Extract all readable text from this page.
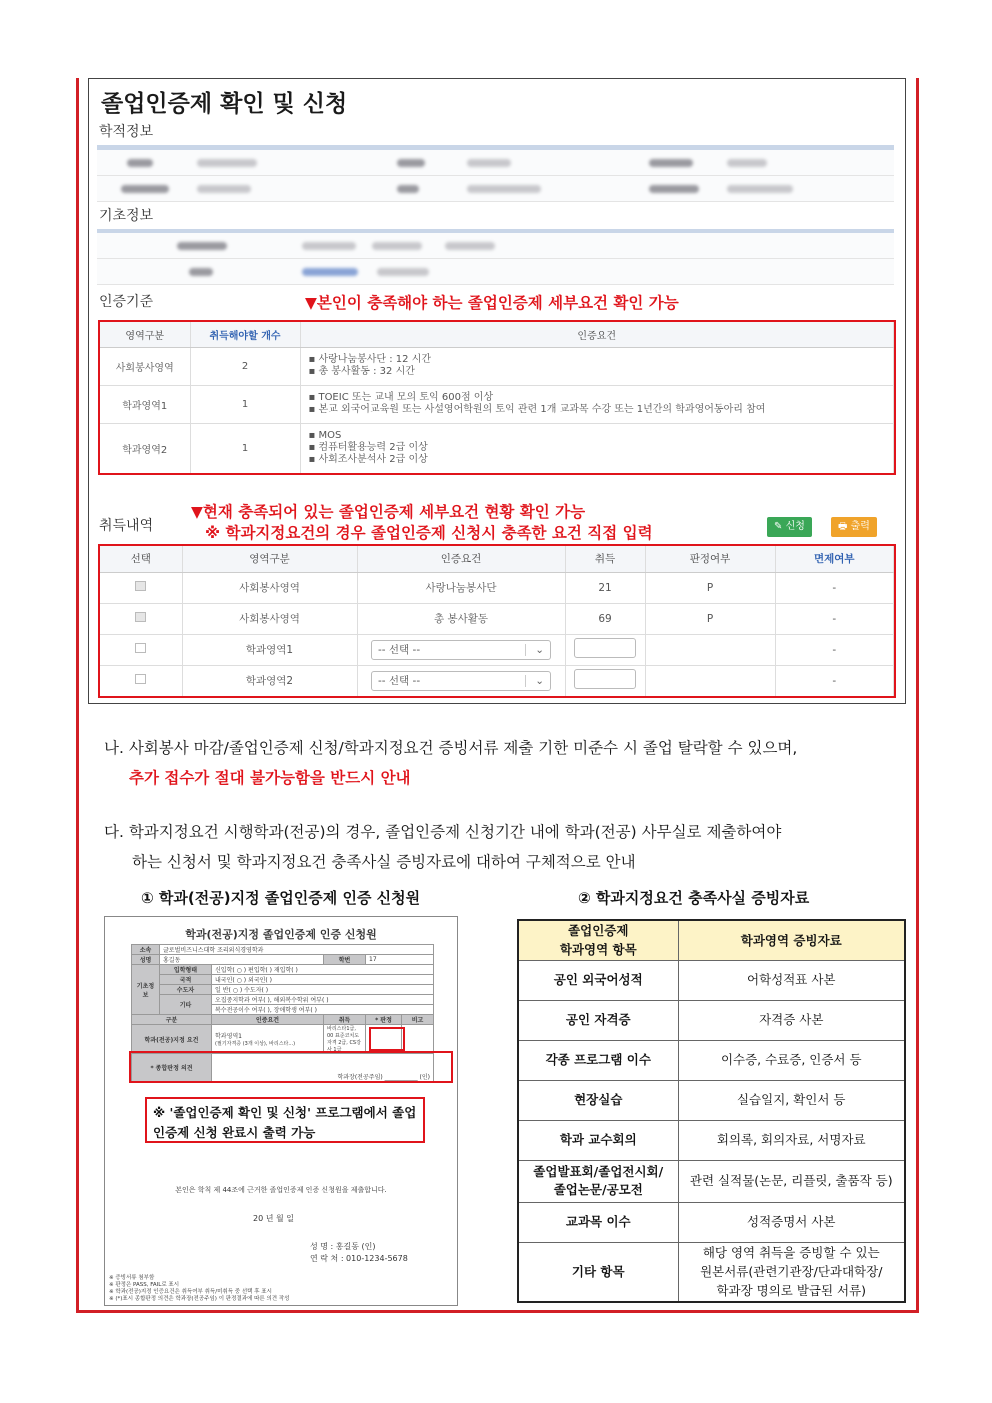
졸업인증제 확인 및 신청
학적정보
기초정보
인증기준	▼본인이 충족해야 하는 졸업인증제 세부요건 확인 가능
영역구분	취득해야할 개수	인증요건
사회봉사영역	2	▪ 사랑나눔봉사단 : 12 시간
▪ 총 봉사활동 : 32 시간

학과영역1	1	▪ TOEIC 또는 교내 모의 토익 600점 이상
▪ 본교 외국어교육원 또는 사설영어학원의 토익 관련 1개 교과목 수강 또는 1년간의 학과영어동아리 참여

학과영역2	1	▪ MOS
▪ 컴퓨터활용능력 2급 이상
▪ 사회조사분석사 2급 이상
취득내역
▼현재 충족되어 있는 졸업인증제 세부요건 현황 확인 가능
※ 학과지정요건의 경우 졸업인증제 신청시 충족한 요건 직접 입력	✎ 신청	🖶 출력
선택	영역구분	인증요건	취득	판정여부	면제여부
	사회봉사영역	사랑나눔봉사단	21	P	-
	사회봉사영역	총 봉사활동	69	P	-
	학과영역1	-- 선택 -- ⌄			-
	학과영역2	-- 선택 -- ⌄			-
나. 사회봉사 마감/졸업인증제 신청/학과지정요건 증빙서류 제출 기한 미준수 시 졸업 탈락할 수 있으며,
추가 접수가 절대 불가능함을 반드시 안내
다. 학과지정요건 시행학과(전공)의 경우, 졸업인증제 신청기간 내에 학과(전공) 사무실로 제출하여야
하는 신청서 및 학과지정요건 충족사실 증빙자료에 대하여 구체적으로 안내
① 학과(전공)지정 졸업인증제 인증 신청원	② 학과지정요건 충족사실 증빙자료
학과(전공)지정 졸업인증제 인증 신청원
소속	글로벌비즈니스대학 조리외식경영학과				
성명	홍길동		학번	17	
기초정보	입학형태	신입학( ○ ) 편입학( ) 재입학( )			
	국적	내국인( ○ ) 외국인( )			
	수도자	일 반( ○ ) 수도자( )			
	기타	오집중지학과 여부( ), 해외복수학위 여부( )			
		복수전공이수 여부( ), 장애학생 여부( )			
구분		인증요건	취득	* 판정	비고
학과(전공)지정 요건		학과영역1
(필기자격증 (3개 이상), 바리스타...)	바리스타1급, 00 표준코치도자격 2급, CS강사 1급		
* 종합판정 의견		학과장(전공주임) ___________ (인)			
※ '졸업인증제 확인 및 신청' 프로그램에서 졸업인증제 신청 완료시 출력 가능
본인은 학칙 제 44조에 근거한 졸업인증제 인증 신청원을 제출합니다.
20 년 월 일
성 명 : 홍길동 (인)
연 락 처 : 010-1234-5678
※ 증빙서류 첨부함
※ 판정은 PASS, FAIL로 표시
※ 학과(전공)지정 인증요건은 취득여부 취득/미취득 중 선택 후 표시
※ (*)표시 종합판정 의견은 학과장(전공주임) 이 판정결과에 따른 의견 작성
졸업인증제
학과영역 항목	학과영역 증빙자료
공인 외국어성적	어학성적표 사본
공인 자격증	자격증 사본
각종 프로그램 이수	이수증, 수료증, 인증서 등
현장실습	실습일지, 확인서 등
학과 교수회의	회의록, 회의자료, 서명자료
졸업발표회/졸업전시회/
졸업논문/공모전	관련 실적물(논문, 리플릿, 출품작 등)
교과목 이수	성적증명서 사본
기타 항목	해당 영역 취득을 증빙할 수 있는
원본서류(관련기관장/단과대학장/
학과장 명의로 발급된 서류)
